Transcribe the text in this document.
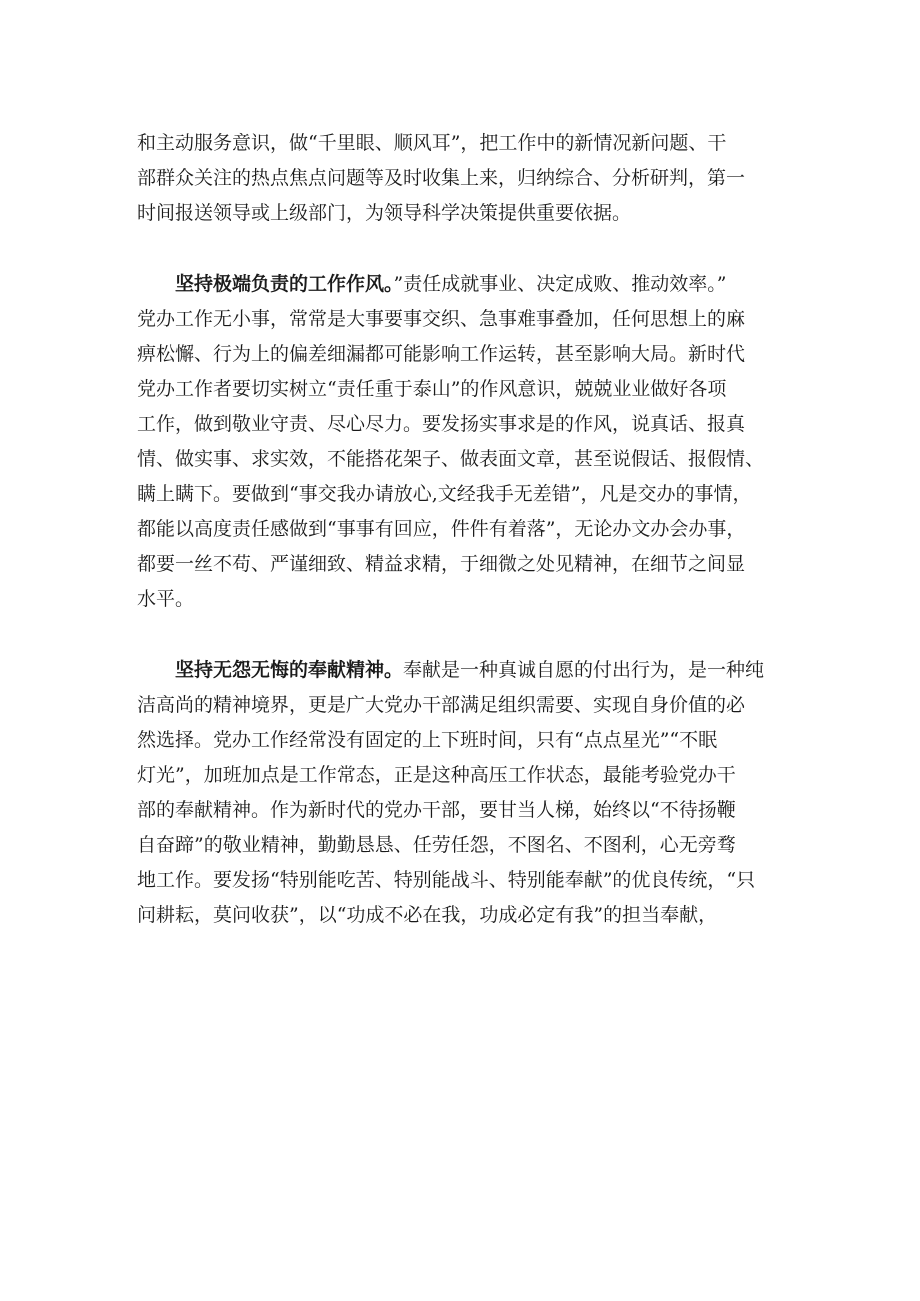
和主动服务意识，做“千里眼、顺风耳”，把工作中的新情况新问题、干
部群众关注的热点焦点问题等及时收集上来，归纳综合、分析研判，第一
时间报送领导或上级部门，为领导科学决策提供重要依据。
坚持极端负责的工作作风。”责任成就事业、决定成败、推动效率。”
党办工作无小事，常常是大事要事交织、急事难事叠加，任何思想上的麻
痹松懈、行为上的偏差细漏都可能影响工作运转，甚至影响大局。新时代
党办工作者要切实树立“责任重于泰山”的作风意识，兢兢业业做好各项
工作，做到敬业守责、尽心尽力。要发扬实事求是的作风，说真话、报真
情、做实事、求实效，不能搭花架子、做表面文章，甚至说假话、报假情、
瞒上瞒下。要做到“事交我办请放心,文经我手无差错”，凡是交办的事情，
都能以高度责任感做到“事事有回应，件件有着落”，无论办文办会办事，
都要一丝不苟、严谨细致、精益求精，于细微之处见精神，在细节之间显
水平。
坚持无怨无悔的奉献精神。奉献是一种真诚自愿的付出行为，是一种纯
洁高尚的精神境界，更是广大党办干部满足组织需要、实现自身价值的必
然选择。党办工作经常没有固定的上下班时间，只有“点点星光”“不眠
灯光”，加班加点是工作常态，正是这种高压工作状态，最能考验党办干
部的奉献精神。作为新时代的党办干部，要甘当人梯，始终以“不待扬鞭
自奋蹄”的敬业精神，勤勤恳恳、任劳任怨，不图名、不图利，心无旁骛
地工作。要发扬“特别能吃苦、特别能战斗、特别能奉献”的优良传统，“只
问耕耘，莫问收获”，以“功成不必在我，功成必定有我”的担当奉献，
